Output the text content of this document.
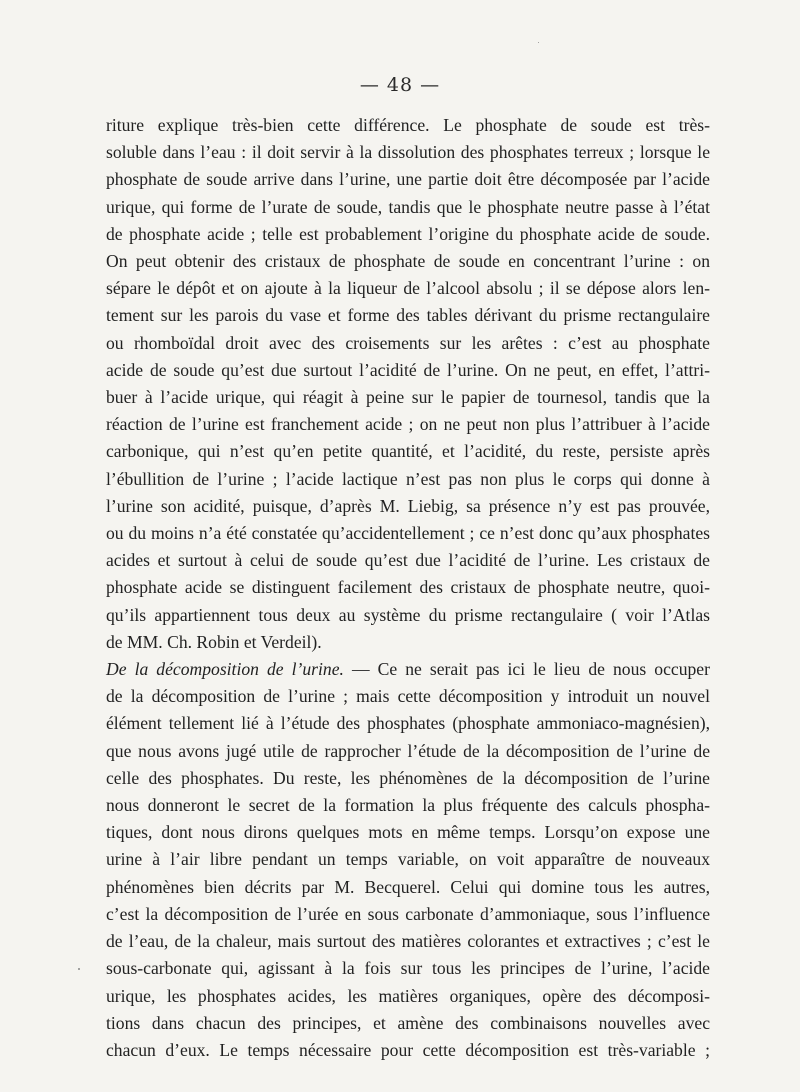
— 48 —
riture explique très-bien cette différence. Le phosphate de soude est très-
soluble dans l’eau : il doit servir à la dissolution des phosphates terreux ; lorsque le
phosphate de soude arrive dans l’urine, une partie doit être décomposée par l’acide
urique, qui forme de l’urate de soude, tandis que le phosphate neutre passe à l’état
de phosphate acide ; telle est probablement l’origine du phosphate acide de soude.
On peut obtenir des cristaux de phosphate de soude en concentrant l’urine : on
sépare le dépôt et on ajoute à la liqueur de l’alcool absolu ; il se dépose alors len-
tement sur les parois du vase et forme des tables dérivant du prisme rectangulaire
ou rhomboïdal droit avec des croisements sur les arêtes : c’est au phosphate
acide de soude qu’est due surtout l’acidité de l’urine. On ne peut, en effet, l’attri-
buer à l’acide urique, qui réagit à peine sur le papier de tournesol, tandis que la
réaction de l’urine est franchement acide ; on ne peut non plus l’attribuer à l’acide
carbonique, qui n’est qu’en petite quantité, et l’acidité, du reste, persiste après
l’ébullition de l’urine ; l’acide lactique n’est pas non plus le corps qui donne à
l’urine son acidité, puisque, d’après M. Liebig, sa présence n’y est pas prouvée,
ou du moins n’a été constatée qu’accidentellement ; ce n’est donc qu’aux phosphates
acides et surtout à celui de soude qu’est due l’acidité de l’urine. Les cristaux de
phosphate acide se distinguent facilement des cristaux de phosphate neutre, quoi-
qu’ils appartiennent tous deux au système du prisme rectangulaire ( voir l’Atlas
de MM. Ch. Robin et Verdeil).
De la décomposition de l’urine. — Ce ne serait pas ici le lieu de nous occuper
de la décomposition de l’urine ; mais cette décomposition y introduit un nouvel
élément tellement lié à l’étude des phosphates (phosphate ammoniaco-magnésien),
que nous avons jugé utile de rapprocher l’étude de la décomposition de l’urine de
celle des phosphates. Du reste, les phénomènes de la décomposition de l’urine
nous donneront le secret de la formation la plus fréquente des calculs phospha-
tiques, dont nous dirons quelques mots en même temps. Lorsqu’on expose une
urine à l’air libre pendant un temps variable, on voit apparaître de nouveaux
phénomènes bien décrits par M. Becquerel. Celui qui domine tous les autres,
c’est la décomposition de l’urée en sous carbonate d’ammoniaque, sous l’influence
de l’eau, de la chaleur, mais surtout des matières colorantes et extractives ; c’est le
sous-carbonate qui, agissant à la fois sur tous les principes de l’urine, l’acide
urique, les phosphates acides, les matières organiques, opère des décomposi-
tions dans chacun des principes, et amène des combinaisons nouvelles avec
chacun d’eux. Le temps nécessaire pour cette décomposition est très-variable ;
